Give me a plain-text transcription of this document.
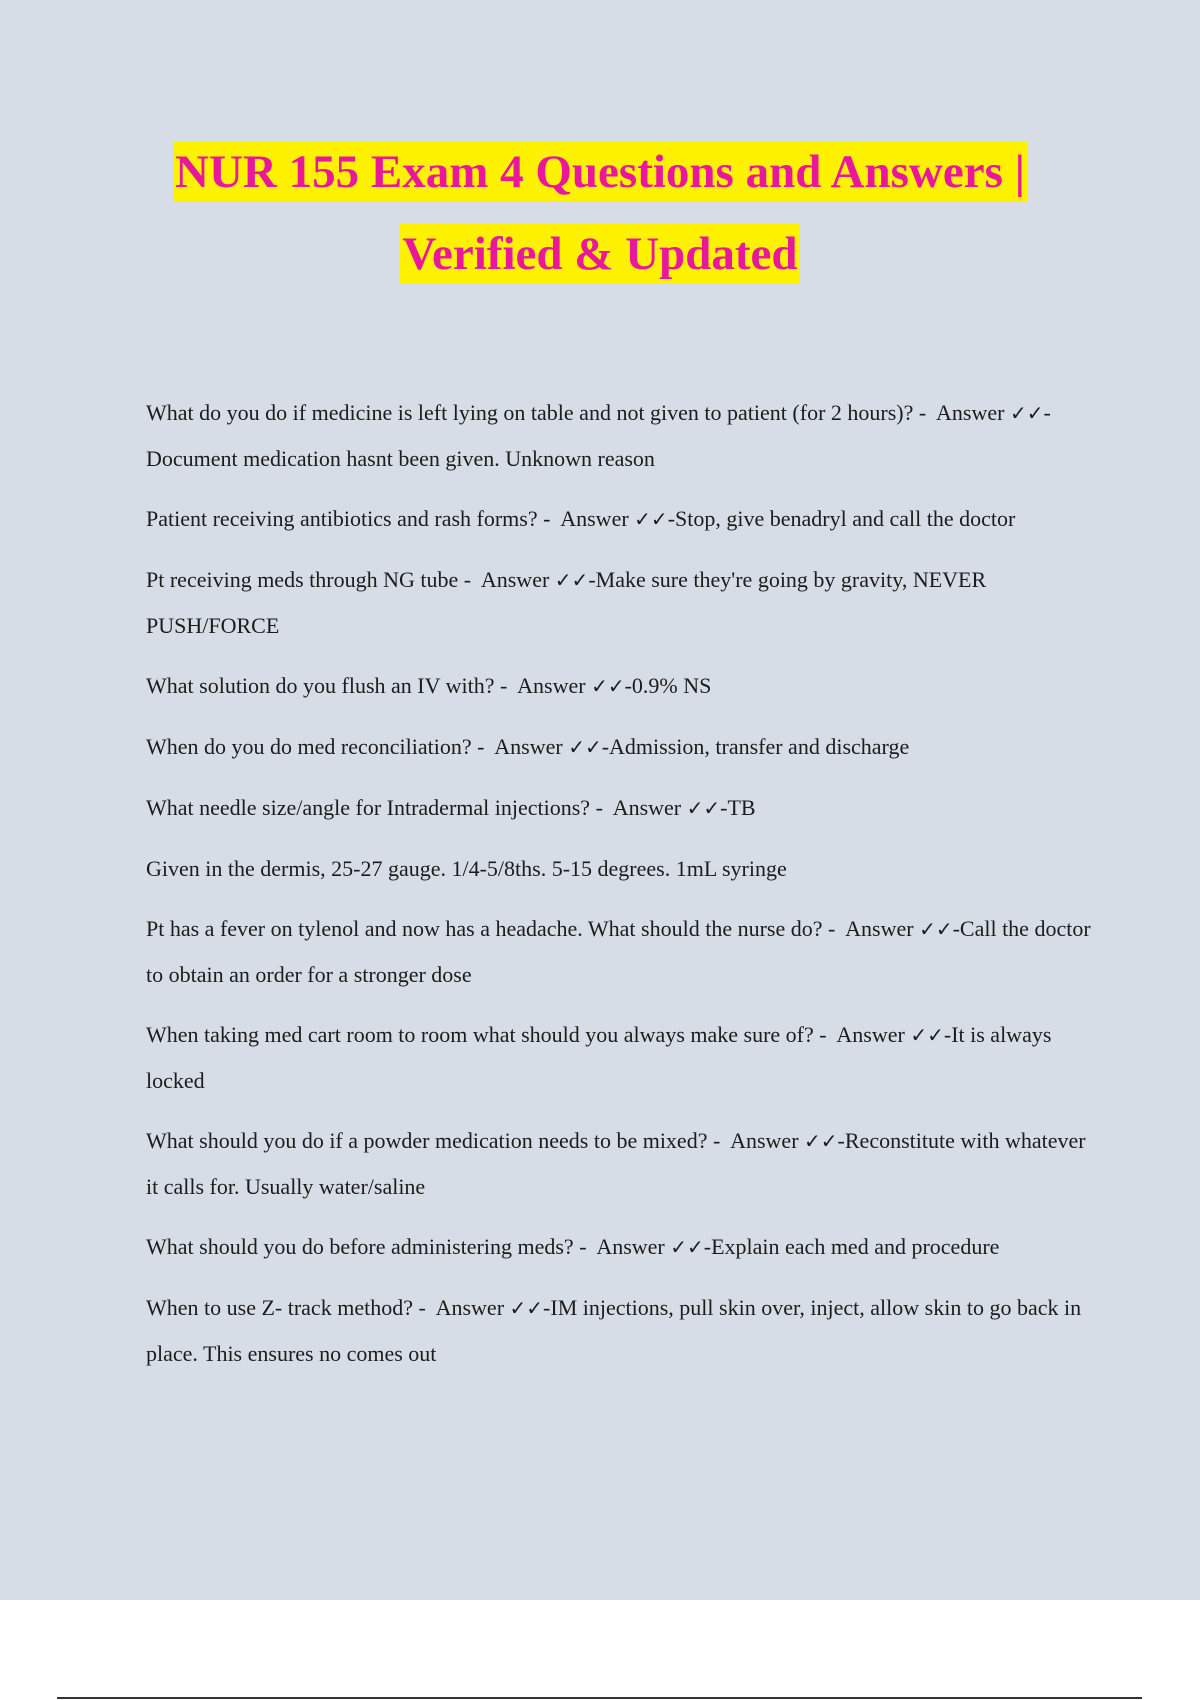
NUR 155 Exam 4 Questions and Answers |
Verified & Updated
What do you do if medicine is left lying on table and not given to patient (for 2 hours)? -  Answer ✓✓-Document medication hasnt been given. Unknown reason
Patient receiving antibiotics and rash forms? -  Answer ✓✓-Stop, give benadryl and call the doctor
Pt receiving meds through NG tube -  Answer ✓✓-Make sure they're going by gravity, NEVER PUSH/FORCE
What solution do you flush an IV with? -  Answer ✓✓-0.9% NS
When do you do med reconciliation? -  Answer ✓✓-Admission, transfer and discharge
What needle size/angle for Intradermal injections? -  Answer ✓✓-TB
Given in the dermis, 25-27 gauge. 1/4-5/8ths. 5-15 degrees. 1mL syringe
Pt has a fever on tylenol and now has a headache. What should the nurse do? -  Answer ✓✓-Call the doctor to obtain an order for a stronger dose
When taking med cart room to room what should you always make sure of? -  Answer ✓✓-It is always locked
What should you do if a powder medication needs to be mixed? -  Answer ✓✓-Reconstitute with whatever it calls for. Usually water/saline
What should you do before administering meds? -  Answer ✓✓-Explain each med and procedure
When to use Z- track method? -  Answer ✓✓-IM injections, pull skin over, inject, allow skin to go back in place. This ensures no comes out
